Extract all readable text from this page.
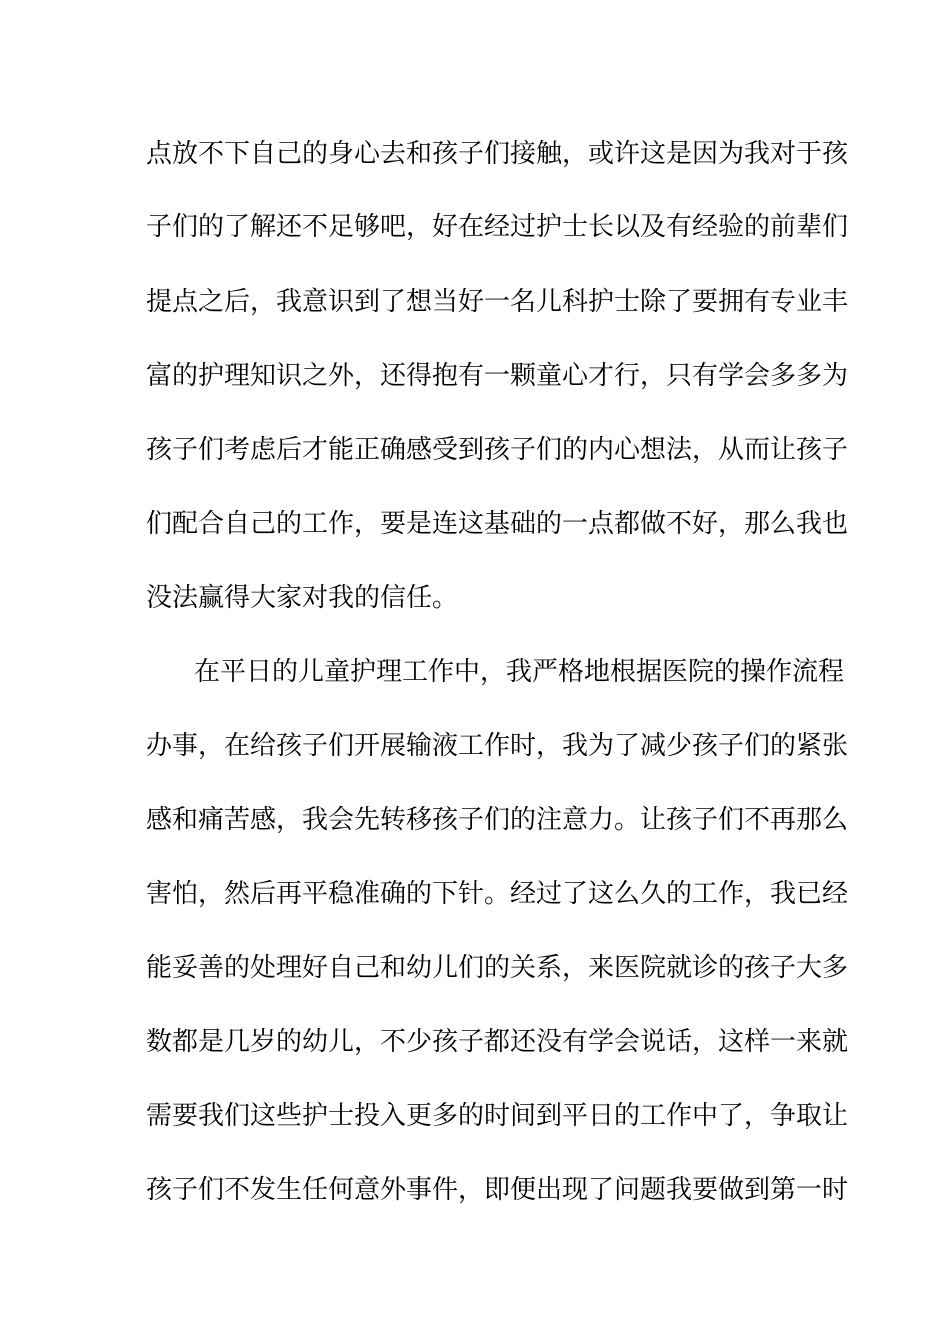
点放不下自己的身心去和孩子们接触，或许这是因为我对于孩
子们的了解还不足够吧，好在经过护士长以及有经验的前辈们
提点之后，我意识到了想当好一名儿科护士除了要拥有专业丰
富的护理知识之外，还得抱有一颗童心才行，只有学会多多为
孩子们考虑后才能正确感受到孩子们的内心想法，从而让孩子
们配合自己的工作，要是连这基础的一点都做不好，那么我也
没法赢得大家对我的信任。
在平日的儿童护理工作中，我严格地根据医院的操作流程
办事，在给孩子们开展输液工作时，我为了减少孩子们的紧张
感和痛苦感，我会先转移孩子们的注意力。让孩子们不再那么
害怕，然后再平稳准确的下针。经过了这么久的工作，我已经
能妥善的处理好自己和幼儿们的关系，来医院就诊的孩子大多
数都是几岁的幼儿，不少孩子都还没有学会说话，这样一来就
需要我们这些护士投入更多的时间到平日的工作中了，争取让
孩子们不发生任何意外事件，即便出现了问题我要做到第一时
